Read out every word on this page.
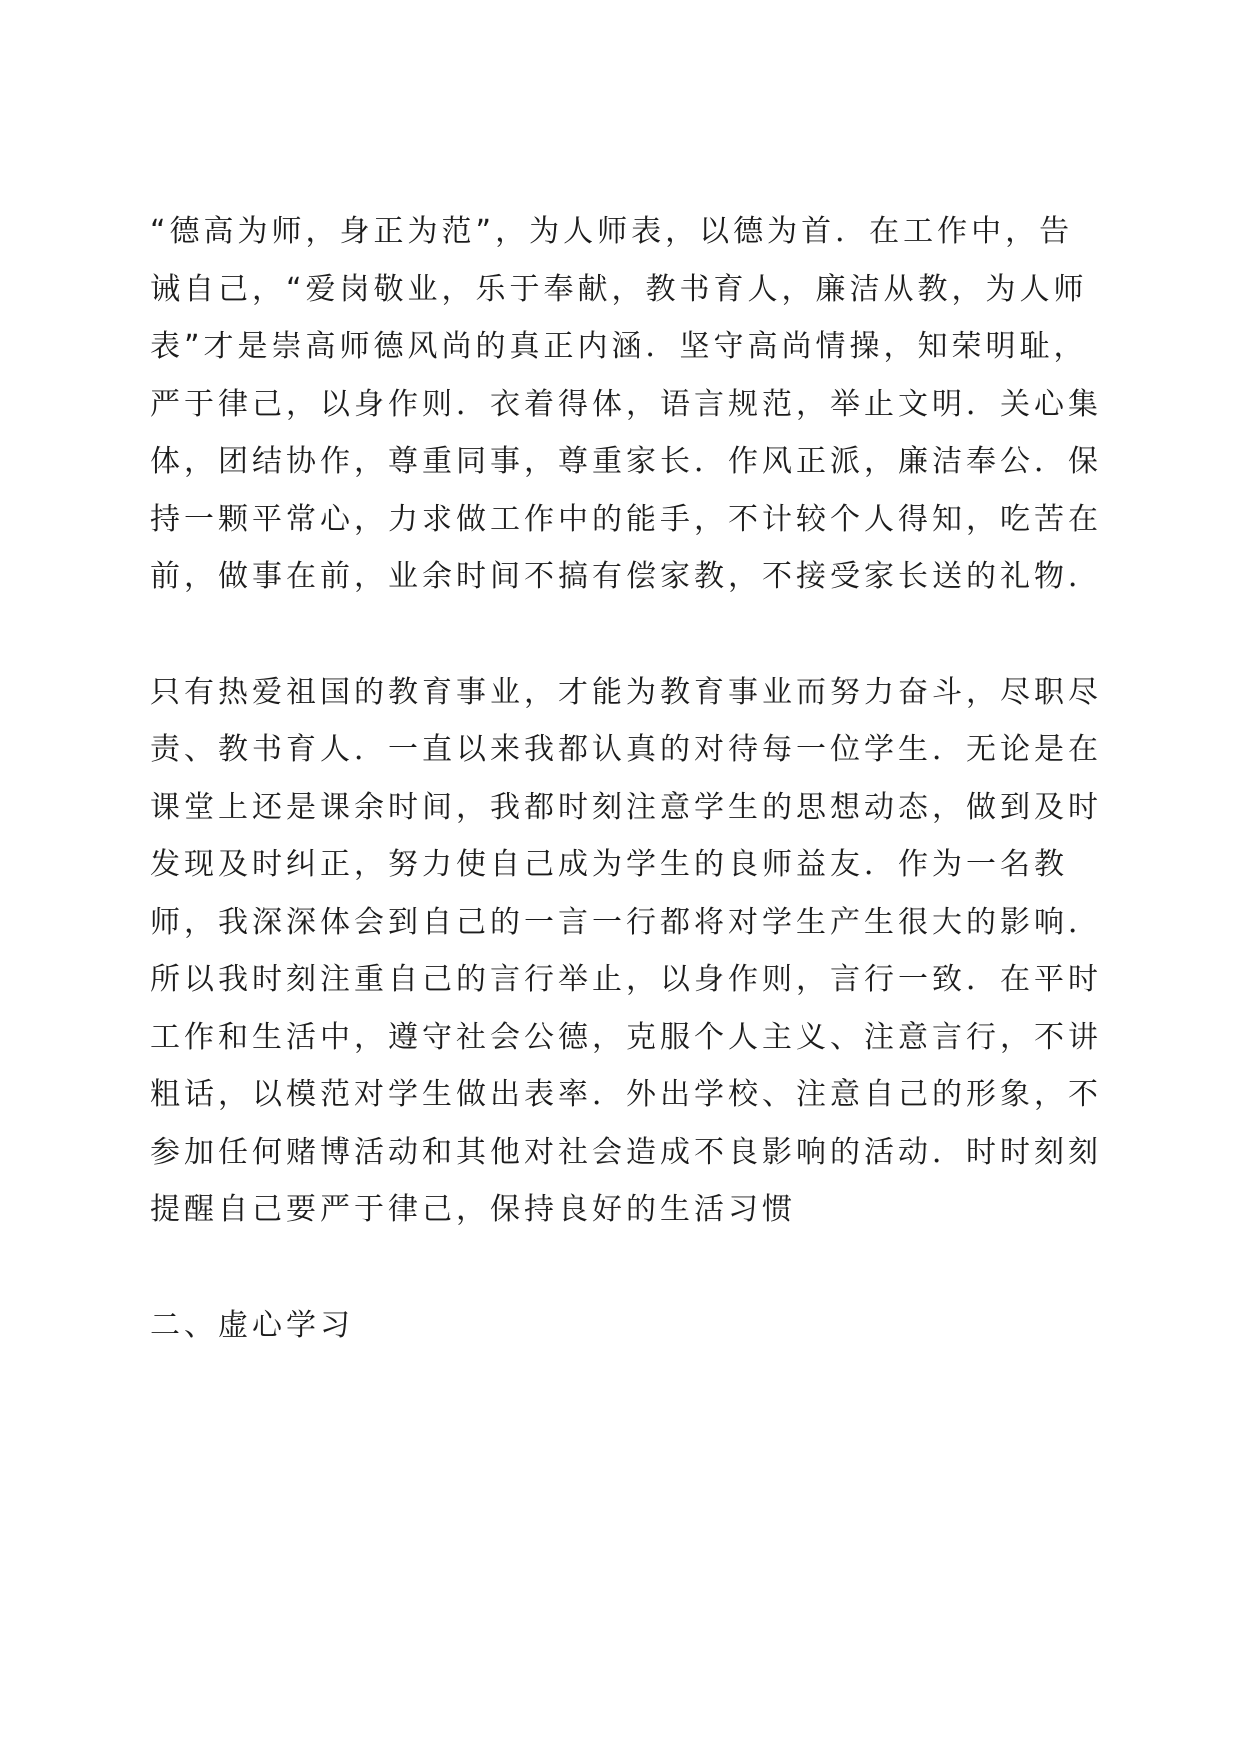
“德高为师，身正为范”，为人师表，以德为首．在工作中，告
诫自己，“爱岗敬业，乐于奉献，教书育人，廉洁从教，为人师
表”才是崇高师德风尚的真正内涵．坚守高尚情操，知荣明耻，
严于律己，以身作则．衣着得体，语言规范，举止文明．关心集
体，团结协作，尊重同事，尊重家长．作风正派，廉洁奉公．保
持一颗平常心，力求做工作中的能手，不计较个人得知，吃苦在
前，做事在前，业余时间不搞有偿家教，不接受家长送的礼物．
只有热爱祖国的教育事业，才能为教育事业而努力奋斗，尽职尽
责、教书育人．一直以来我都认真的对待每一位学生．无论是在
课堂上还是课余时间，我都时刻注意学生的思想动态，做到及时
发现及时纠正，努力使自己成为学生的良师益友．作为一名教
师，我深深体会到自己的一言一行都将对学生产生很大的影响．
所以我时刻注重自己的言行举止，以身作则，言行一致．在平时
工作和生活中，遵守社会公德，克服个人主义、注意言行，不讲
粗话，以模范对学生做出表率．外出学校、注意自己的形象，不
参加任何赌博活动和其他对社会造成不良影响的活动．时时刻刻
提醒自己要严于律己，保持良好的生活习惯
二、虚心学习
